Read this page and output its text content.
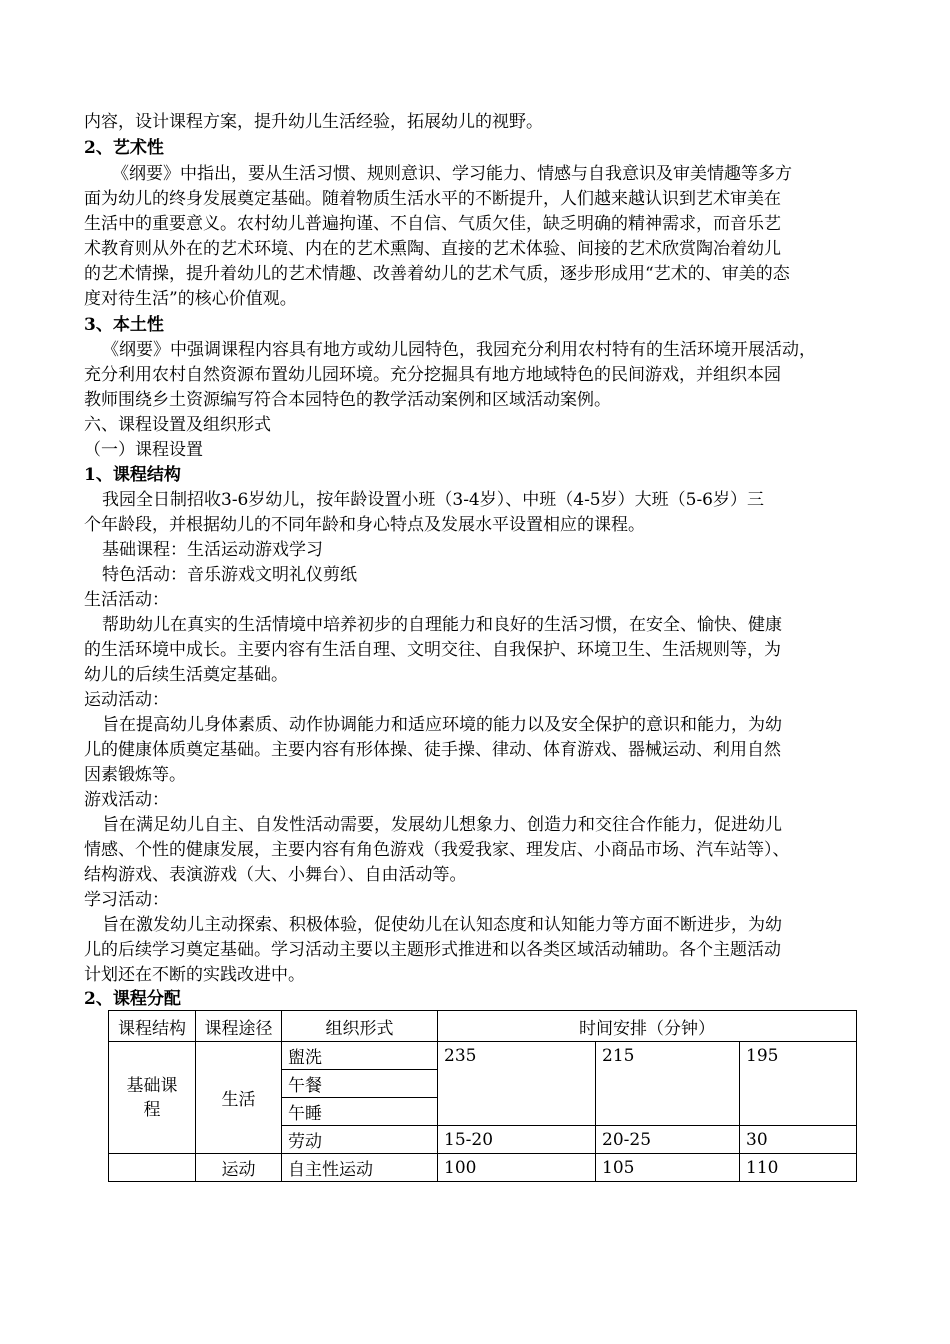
内容，设计课程方案，提升幼儿生活经验，拓展幼儿的视野。
2、艺术性
《纲要》中指出，要从生活习惯、规则意识、学习能力、情感与自我意识及审美情趣等多方
面为幼儿的终身发展奠定基础。随着物质生活水平的不断提升，人们越来越认识到艺术审美在
生活中的重要意义。农村幼儿普遍拘谨、不自信、气质欠佳，缺乏明确的精神需求，而音乐艺
术教育则从外在的艺术环境、内在的艺术熏陶、直接的艺术体验、间接的艺术欣赏陶冶着幼儿
的艺术情操，提升着幼儿的艺术情趣、改善着幼儿的艺术气质，逐步形成用“艺术的、审美的态
度对待生活”的核心价值观。
3、本土性
《纲要》中强调课程内容具有地方或幼儿园特色，我园充分利用农村特有的生活环境开展活动，
充分利用农村自然资源布置幼儿园环境。充分挖掘具有地方地域特色的民间游戏，并组织本园
教师围绕乡土资源编写符合本园特色的教学活动案例和区域活动案例。
六、课程设置及组织形式
（一）课程设置
1、课程结构
我园全日制招收3-6岁幼儿，按年龄设置小班（3-4岁）、中班（4-5岁）大班（5-6岁）三
个年龄段，并根据幼儿的不同年龄和身心特点及发展水平设置相应的课程。
基础课程：生活运动游戏学习
特色活动：音乐游戏文明礼仪剪纸
生活活动：
帮助幼儿在真实的生活情境中培养初步的自理能力和良好的生活习惯，在安全、愉快、健康
的生活环境中成长。主要内容有生活自理、文明交往、自我保护、环境卫生、生活规则等，为
幼儿的后续生活奠定基础。
运动活动：
旨在提高幼儿身体素质、动作协调能力和适应环境的能力以及安全保护的意识和能力，为幼
儿的健康体质奠定基础。主要内容有形体操、徒手操、律动、体育游戏、器械运动、利用自然
因素锻炼等。
游戏活动：
旨在满足幼儿自主、自发性活动需要，发展幼儿想象力、创造力和交往合作能力，促进幼儿
情感、个性的健康发展，主要内容有角色游戏（我爱我家、理发店、小商品市场、汽车站等）、
结构游戏、表演游戏（大、小舞台）、自由活动等。
学习活动：
旨在激发幼儿主动探索、积极体验，促使幼儿在认知态度和认知能力等方面不断进步，为幼
儿的后续学习奠定基础。学习活动主要以主题形式推进和以各类区域活动辅助。各个主题活动
计划还在不断的实践改进中。
2、课程分配
课程结构	课程途径	组织形式	时间安排（分钟）		
基础课程	生活	盥洗	235	215	195
		午餐			
		午睡			
		劳动	15-20	20-25	30
	运动	自主性运动	100	105	110
